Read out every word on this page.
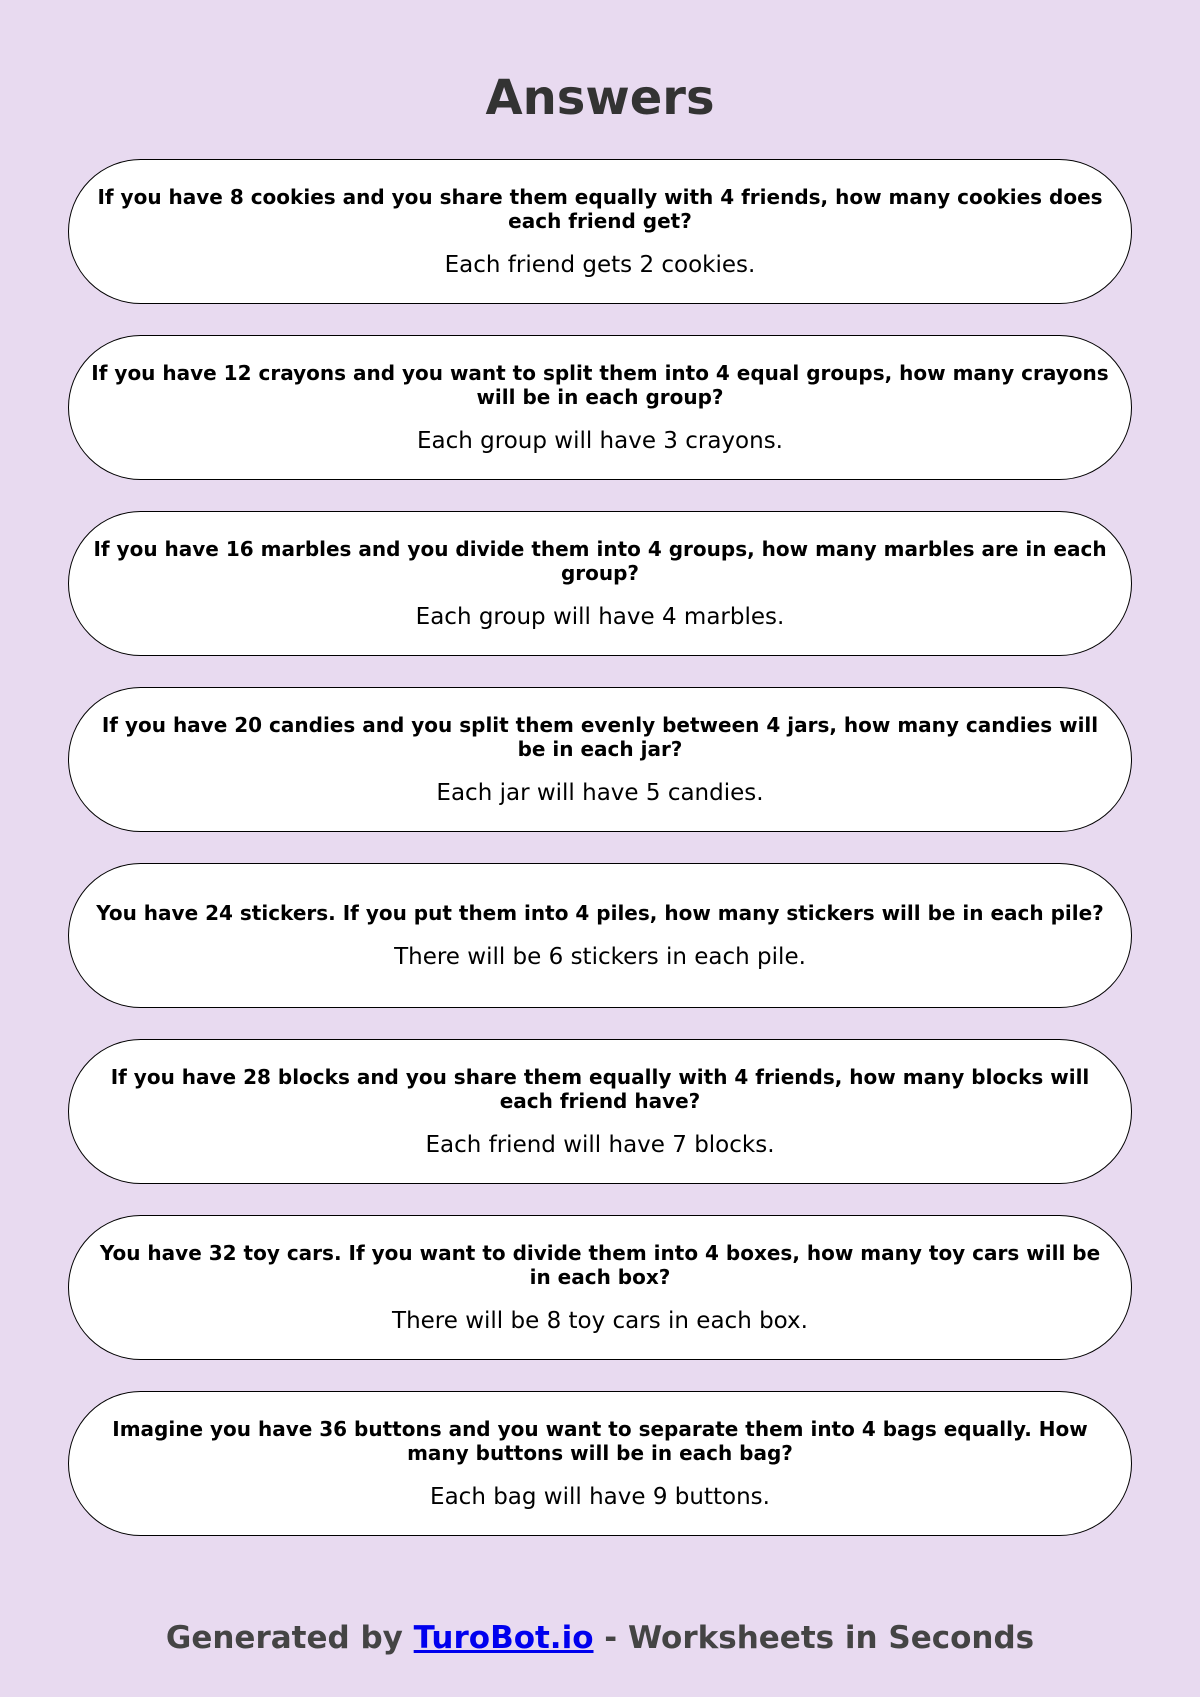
Answers
If you have 8 cookies and you share them equally with 4 friends, how many cookies does each friend get?
Each friend gets 2 cookies.
If you have 12 crayons and you want to split them into 4 equal groups, how many crayons will be in each group?
Each group will have 3 crayons.
If you have 16 marbles and you divide them into 4 groups, how many marbles are in each group?
Each group will have 4 marbles.
If you have 20 candies and you split them evenly between 4 jars, how many candies will be in each jar?
Each jar will have 5 candies.
You have 24 stickers. If you put them into 4 piles, how many stickers will be in each pile?
There will be 6 stickers in each pile.
If you have 28 blocks and you share them equally with 4 friends, how many blocks will each friend have?
Each friend will have 7 blocks.
You have 32 toy cars. If you want to divide them into 4 boxes, how many toy cars will be in each box?
There will be 8 toy cars in each box.
Imagine you have 36 buttons and you want to separate them into 4 bags equally. How many buttons will be in each bag?
Each bag will have 9 buttons.
Generated by TuroBot.io - Worksheets in Seconds
